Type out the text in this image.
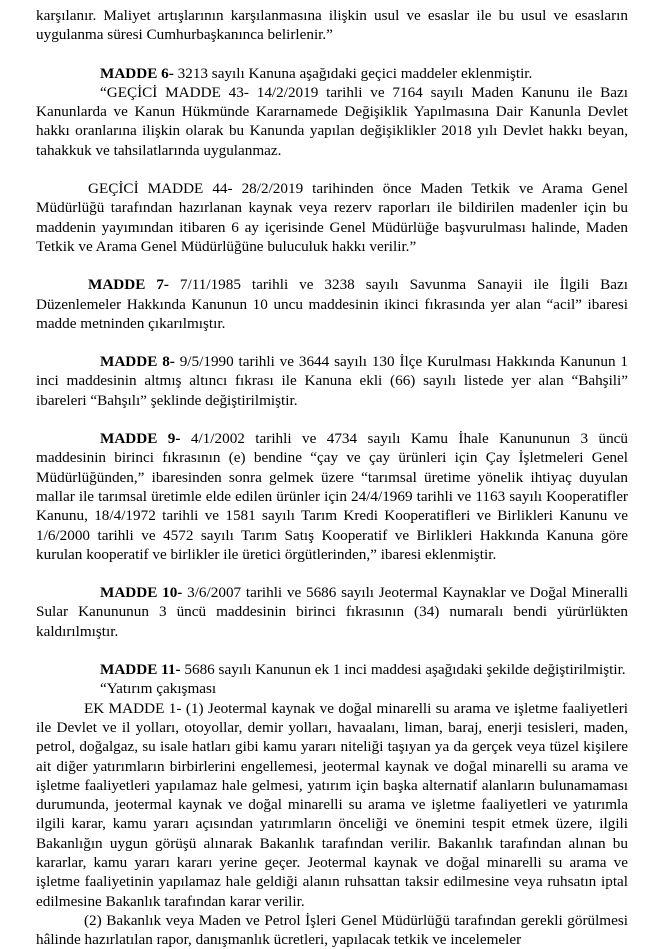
karşılanır. Maliyet artışlarının karşılanmasına ilişkin usul ve esaslar ile bu usul ve esasların uygulanma süresi Cumhurbaşkanınca belirlenir.”

MADDE 6- 3213 sayılı Kanuna aşağıdaki geçici maddeler eklenmiştir.

“GEÇİCİ MADDE 43- 14/2/2019 tarihli ve 7164 sayılı Maden Kanunu ile Bazı Kanunlarda ve Kanun Hükmünde Kararnamede Değişiklik Yapılmasına Dair Kanunla Devlet hakkı oranlarına ilişkin olarak bu Kanunda yapılan değişiklikler 2018 yılı Devlet hakkı beyan, tahakkuk ve tahsilatlarında uygulanmaz.

GEÇİCİ MADDE 44- 28/2/2019 tarihinden önce Maden Tetkik ve Arama Genel Müdürlüğü tarafından hazırlanan kaynak veya rezerv raporları ile bildirilen madenler için bu maddenin yayımından itibaren 6 ay içerisinde Genel Müdürlüğe başvurulması halinde, Maden Tetkik ve Arama Genel Müdürlüğüne buluculuk hakkı verilir.”

MADDE 7- 7/11/1985 tarihli ve 3238 sayılı Savunma Sanayii ile İlgili Bazı Düzenlemeler Hakkında Kanunun 10 uncu maddesinin ikinci fıkrasında yer alan “acil” ibaresi madde metninden çıkarılmıştır.

MADDE 8- 9/5/1990 tarihli ve 3644 sayılı 130 İlçe Kurulması Hakkında Kanunun 1 inci maddesinin altmış altıncı fıkrası ile Kanuna ekli (66) sayılı listede yer alan “Bahşili” ibareleri “Bahşılı” şeklinde değiştirilmiştir.

MADDE 9- 4/1/2002 tarihli ve 4734 sayılı Kamu İhale Kanununun 3 üncü maddesinin birinci fıkrasının (e) bendine “çay ve çay ürünleri için Çay İşletmeleri Genel Müdürlüğünden,” ibaresinden sonra gelmek üzere “tarımsal üretime yönelik ihtiyaç duyulan mallar ile tarımsal üretimle elde edilen ürünler için 24/4/1969 tarihli ve 1163 sayılı Kooperatifler Kanunu, 18/4/1972 tarihli ve 1581 sayılı Tarım Kredi Kooperatifleri ve Birlikleri Kanunu ve 1/6/2000 tarihli ve 4572 sayılı Tarım Satış Kooperatif ve Birlikleri Hakkında Kanuna göre kurulan kooperatif ve birlikler ile üretici örgütlerinden,” ibaresi eklenmiştir.

MADDE 10- 3/6/2007 tarihli ve 5686 sayılı Jeotermal Kaynaklar ve Doğal Mineralli Sular Kanununun 3 üncü maddesinin birinci fıkrasının (34) numaralı bendi yürürlükten kaldırılmıştır.

MADDE 11- 5686 sayılı Kanunun ek 1 inci maddesi aşağıdaki şekilde değiştirilmiştir.

“Yatırım çakışması

EK MADDE 1- (1) Jeotermal kaynak ve doğal minarelli su arama ve işletme faaliyetleri ile Devlet ve il yolları, otoyollar, demir yolları, havaalanı, liman, baraj, enerji tesisleri, maden, petrol, doğalgaz, su isale hatları gibi kamu yararı niteliği taşıyan ya da gerçek veya tüzel kişilere ait diğer yatırımların birbirlerini engellemesi, jeotermal kaynak ve doğal minarelli su arama ve işletme faaliyetleri yapılamaz hale gelmesi, yatırım için başka alternatif alanların bulunamaması durumunda, jeotermal kaynak ve doğal minarelli su arama ve işletme faaliyetleri ve yatırımla ilgili karar, kamu yararı açısından yatırımların önceliği ve önemini tespit etmek üzere, ilgili Bakanlığın uygun görüşü alınarak Bakanlık tarafından verilir. Bakanlık tarafından alınan bu kararlar, kamu yararı kararı yerine geçer. Jeotermal kaynak ve doğal minarelli su arama ve işletme faaliyetinin yapılamaz hale geldiği alanın ruhsattan taksir edilmesine veya ruhsatın iptal edilmesine Bakanlık tarafından karar verilir.

(2) Bakanlık veya Maden ve Petrol İşleri Genel Müdürlüğü tarafından gerekli görülmesi hâlinde hazırlatılan rapor, danışmanlık ücretleri, yapılacak tetkik ve incelemeler
